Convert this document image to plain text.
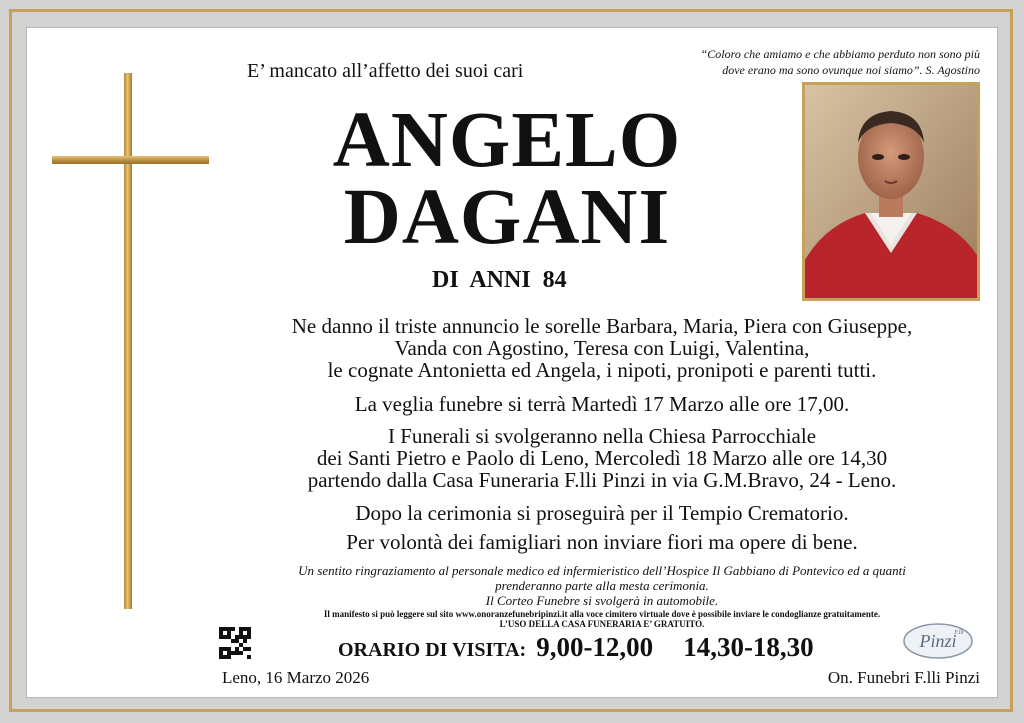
“Coloro che amiamo e che abbiamo perduto non sono più
dove erano ma sono ovunque noi siamo”. S. Agostino
E’ mancato all’affetto dei suoi cari
ANGELO
DAGANI
DI ANNI 84
Ne danno il triste annuncio le sorelle Barbara, Maria, Piera con Giuseppe,
Vanda con Agostino, Teresa con Luigi, Valentina,
le cognate Antonietta ed Angela, i nipoti, pronipoti e parenti tutti.
La veglia funebre si terrà Martedì 17 Marzo alle ore 17,00.
I Funerali si svolgeranno nella Chiesa Parrocchiale
dei Santi Pietro e Paolo di Leno, Mercoledì 18 Marzo alle ore 14,30
partendo dalla Casa Funeraria F.lli Pinzi in via G.M.Bravo, 24 - Leno.
Dopo la cerimonia si proseguirà per il Tempio Crematorio.
Per volontà dei famigliari non inviare fiori ma opere di bene.
Un sentito ringraziamento al personale medico ed infermieristico dell’Hospice Il Gabbiano di Pontevico ed a quanti
prenderanno parte alla mesta cerimonia.
Il Corteo Funebre si svolgerà in automobile.
Il manifesto si può leggere sul sito www.onoranzefunebripinzi.it alla voce cimitero virtuale dove è possibile inviare le condoglianze gratuitamente.
L’USO DELLA CASA FUNERARIA E’ GRATUITO.
ORARIO DI VISITA: 9,00-12,00 14,30-18,30	Pinzi
F.lli
Leno, 16 Marzo 2026	On. Funebri F.lli Pinzi
